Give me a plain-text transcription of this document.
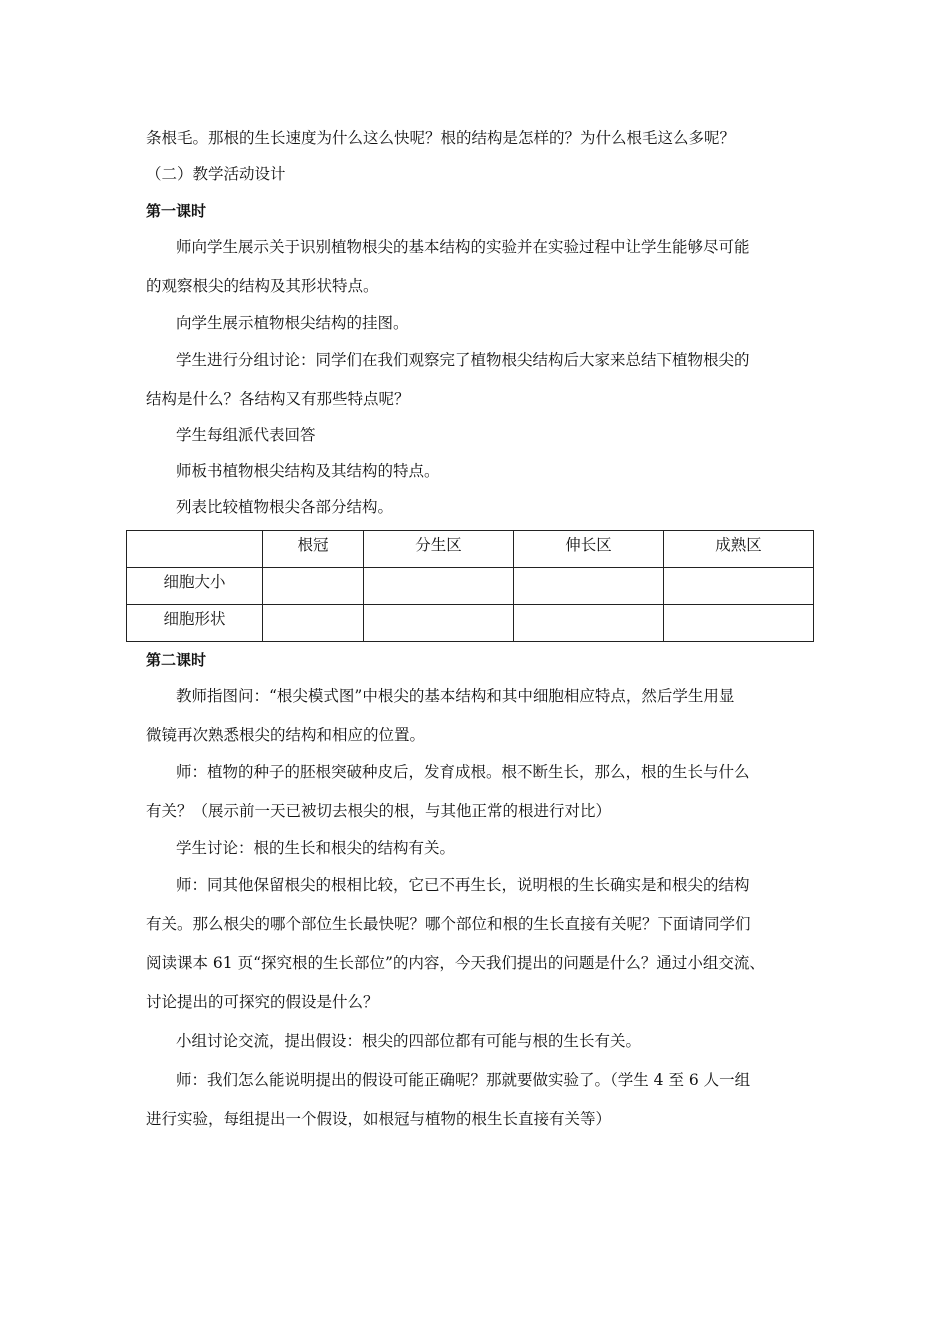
条根毛。那根的生长速度为什么这么快呢？根的结构是怎样的？为什么根毛这么多呢？
（二）教学活动设计
第一课时
师向学生展示关于识别植物根尖的基本结构的实验并在实验过程中让学生能够尽可能
的观察根尖的结构及其形状特点。
向学生展示植物根尖结构的挂图。
学生进行分组讨论：同学们在我们观察完了植物根尖结构后大家来总结下植物根尖的
结构是什么？各结构又有那些特点呢？
学生每组派代表回答
师板书植物根尖结构及其结构的特点。
列表比较植物根尖各部分结构。
	根冠	分生区	伸长区	成熟区
细胞大小				
细胞形状				
第二课时
教师指图问：“根尖模式图”中根尖的基本结构和其中细胞相应特点，然后学生用显
微镜再次熟悉根尖的结构和相应的位置。
师：植物的种子的胚根突破种皮后，发育成根。根不断生长，那么，根的生长与什么
有关？（展示前一天已被切去根尖的根，与其他正常的根进行对比）
学生讨论：根的生长和根尖的结构有关。
师：同其他保留根尖的根相比较，它已不再生长，说明根的生长确实是和根尖的结构
有关。那么根尖的哪个部位生长最快呢？哪个部位和根的生长直接有关呢？下面请同学们
阅读课本 61 页“探究根的生长部位”的内容，今天我们提出的问题是什么？通过小组交流、
讨论提出的可探究的假设是什么？
小组讨论交流，提出假设：根尖的四部位都有可能与根的生长有关。
师：我们怎么能说明提出的假设可能正确呢？那就要做实验了。（学生 4 至 6 人一组
进行实验，每组提出一个假设，如根冠与植物的根生长直接有关等）
